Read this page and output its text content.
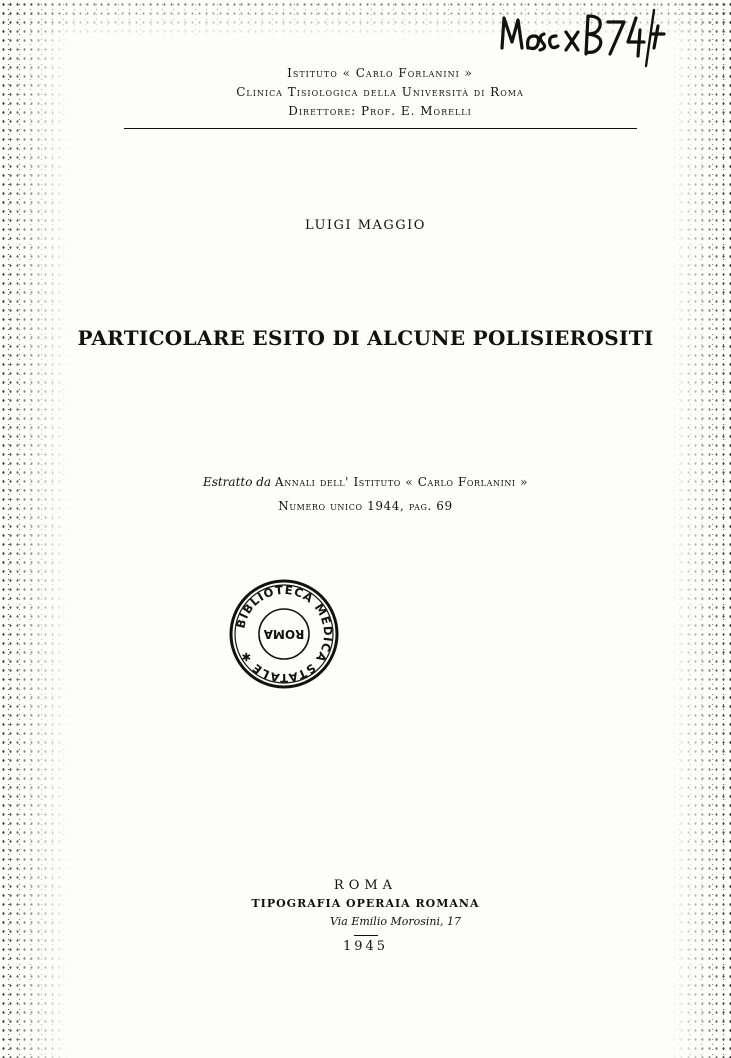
Istituto « Carlo Forlanini »
Clinica Tisiologica della Università di Roma
Direttore: Prof. E. Morelli
LUIGI MAGGIO
PARTICOLARE ESITO DI ALCUNE POLISIEROSITI
Estratto da Annali dell' Istituto « Carlo Forlanini »
Numero unico 1944, pag. 69
BIBLIOTECA MEDICA STATALE ✱
ROMA
ROMA
TIPOGRAFIA OPERAIA ROMANA
Via Emilio Morosini, 17
1945
